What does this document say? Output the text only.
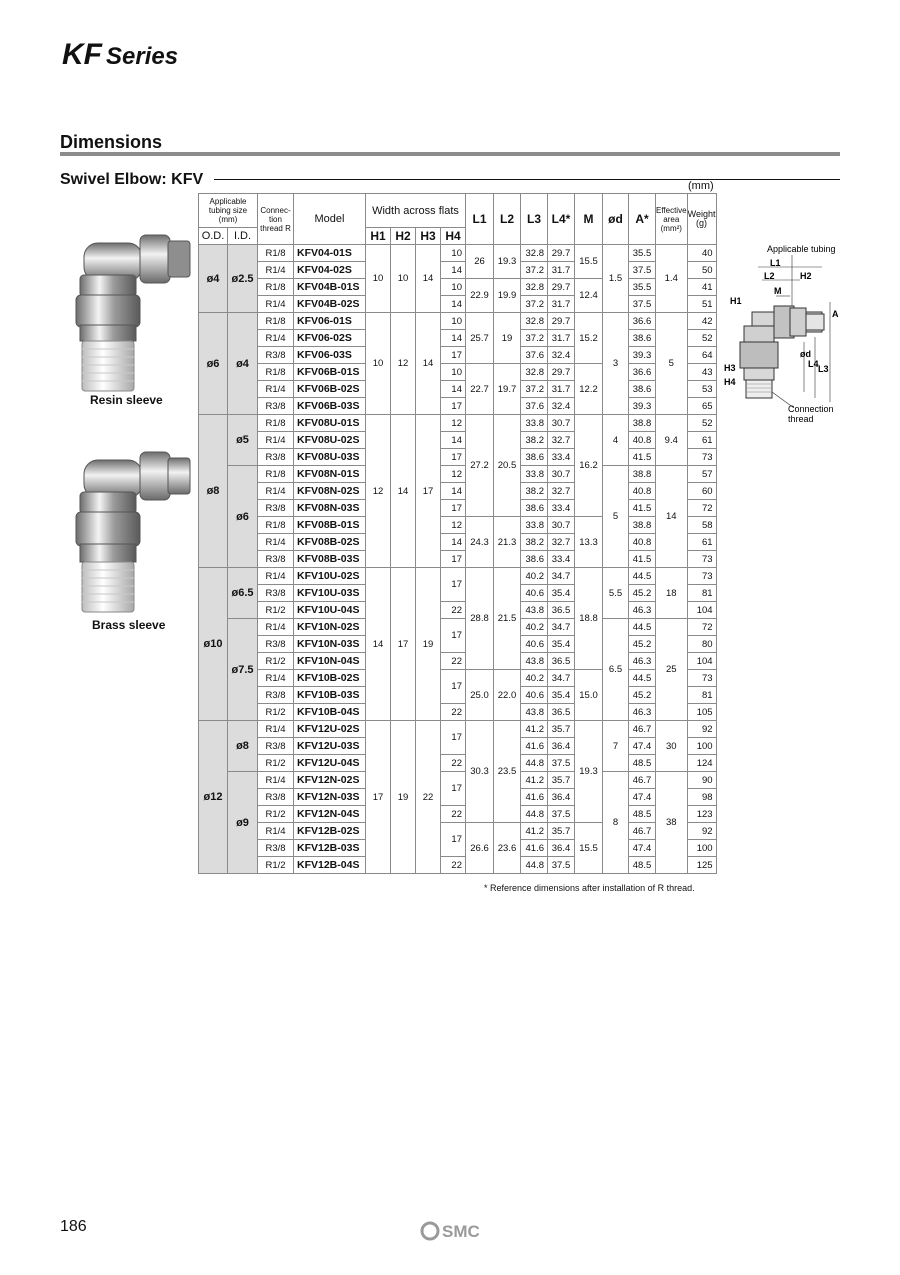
KF Series
Dimensions
Swivel Elbow: KFV	(mm)
Resin sleeve
Brass sleeve
Applicable tubing
L1
L2
M
H1
H2
A
ød
L4 L3
H3
H4
Connection
thread
Applicable tubing size (mm)		Connec- tion thread R	Model	Width across flats				L1	L2	L3	L4*	M	ød	A*	Effective area (mm²)	Weight (g)
O.D.	I.D.			H1	H2	H3	H4									
ø4	ø2.5	R1/8	KFV04-01S	10	10	14	10	26	19.3	32.8	29.7	15.5	1.5	35.5	1.4	40
		R1/4	KFV04-02S				14			37.2	31.7			37.5		50
		R1/8	KFV04B-01S				10	22.9	19.9	32.8	29.7	12.4		35.5		41
		R1/4	KFV04B-02S				14			37.2	31.7			37.5		51
ø6	ø4	R1/8	KFV06-01S	10	12	14	10	25.7	19	32.8	29.7	15.2	3	36.6	5	42
		R1/4	KFV06-02S				14			37.2	31.7			38.6		52
		R3/8	KFV06-03S				17			37.6	32.4			39.3		64
		R1/8	KFV06B-01S				10	22.7	19.7	32.8	29.7	12.2		36.6		43
		R1/4	KFV06B-02S				14			37.2	31.7			38.6		53
		R3/8	KFV06B-03S				17			37.6	32.4			39.3		65
ø8	ø5	R1/8	KFV08U-01S	12	14	17	12	27.2	20.5	33.8	30.7	16.2	4	38.8	9.4	52
		R1/4	KFV08U-02S				14			38.2	32.7			40.8		61
		R3/8	KFV08U-03S				17			38.6	33.4			41.5		73
	ø6	R1/8	KFV08N-01S				12			33.8	30.7		5	38.8	14	57
		R1/4	KFV08N-02S				14			38.2	32.7			40.8		60
		R3/8	KFV08N-03S				17			38.6	33.4			41.5		72
		R1/8	KFV08B-01S				12	24.3	21.3	33.8	30.7	13.3		38.8		58
		R1/4	KFV08B-02S				14			38.2	32.7			40.8		61
		R3/8	KFV08B-03S				17			38.6	33.4			41.5		73
ø10	ø6.5	R1/4	KFV10U-02S	14	17	19	17	28.8	21.5	40.2	34.7	18.8	5.5	44.5	18	73
		R3/8	KFV10U-03S							40.6	35.4			45.2		81
		R1/2	KFV10U-04S				22			43.8	36.5			46.3		104
	ø7.5	R1/4	KFV10N-02S				17			40.2	34.7		6.5	44.5	25	72
		R3/8	KFV10N-03S							40.6	35.4			45.2		80
		R1/2	KFV10N-04S				22			43.8	36.5			46.3		104
		R1/4	KFV10B-02S				17	25.0	22.0	40.2	34.7	15.0		44.5		73
		R3/8	KFV10B-03S							40.6	35.4			45.2		81
		R1/2	KFV10B-04S				22			43.8	36.5			46.3		105
ø12	ø8	R1/4	KFV12U-02S	17	19	22	17	30.3	23.5	41.2	35.7	19.3	7	46.7	30	92
		R3/8	KFV12U-03S							41.6	36.4			47.4		100
		R1/2	KFV12U-04S				22			44.8	37.5			48.5		124
	ø9	R1/4	KFV12N-02S				17			41.2	35.7		8	46.7	38	90
		R3/8	KFV12N-03S							41.6	36.4			47.4		98
		R1/2	KFV12N-04S				22			44.8	37.5			48.5		123
		R1/4	KFV12B-02S				17	26.6	23.6	41.2	35.7	15.5		46.7		92
		R3/8	KFV12B-03S							41.6	36.4			47.4		100
		R1/2	KFV12B-04S				22			44.8	37.5			48.5		125
* Reference dimensions after installation of R thread.
186	SMC
